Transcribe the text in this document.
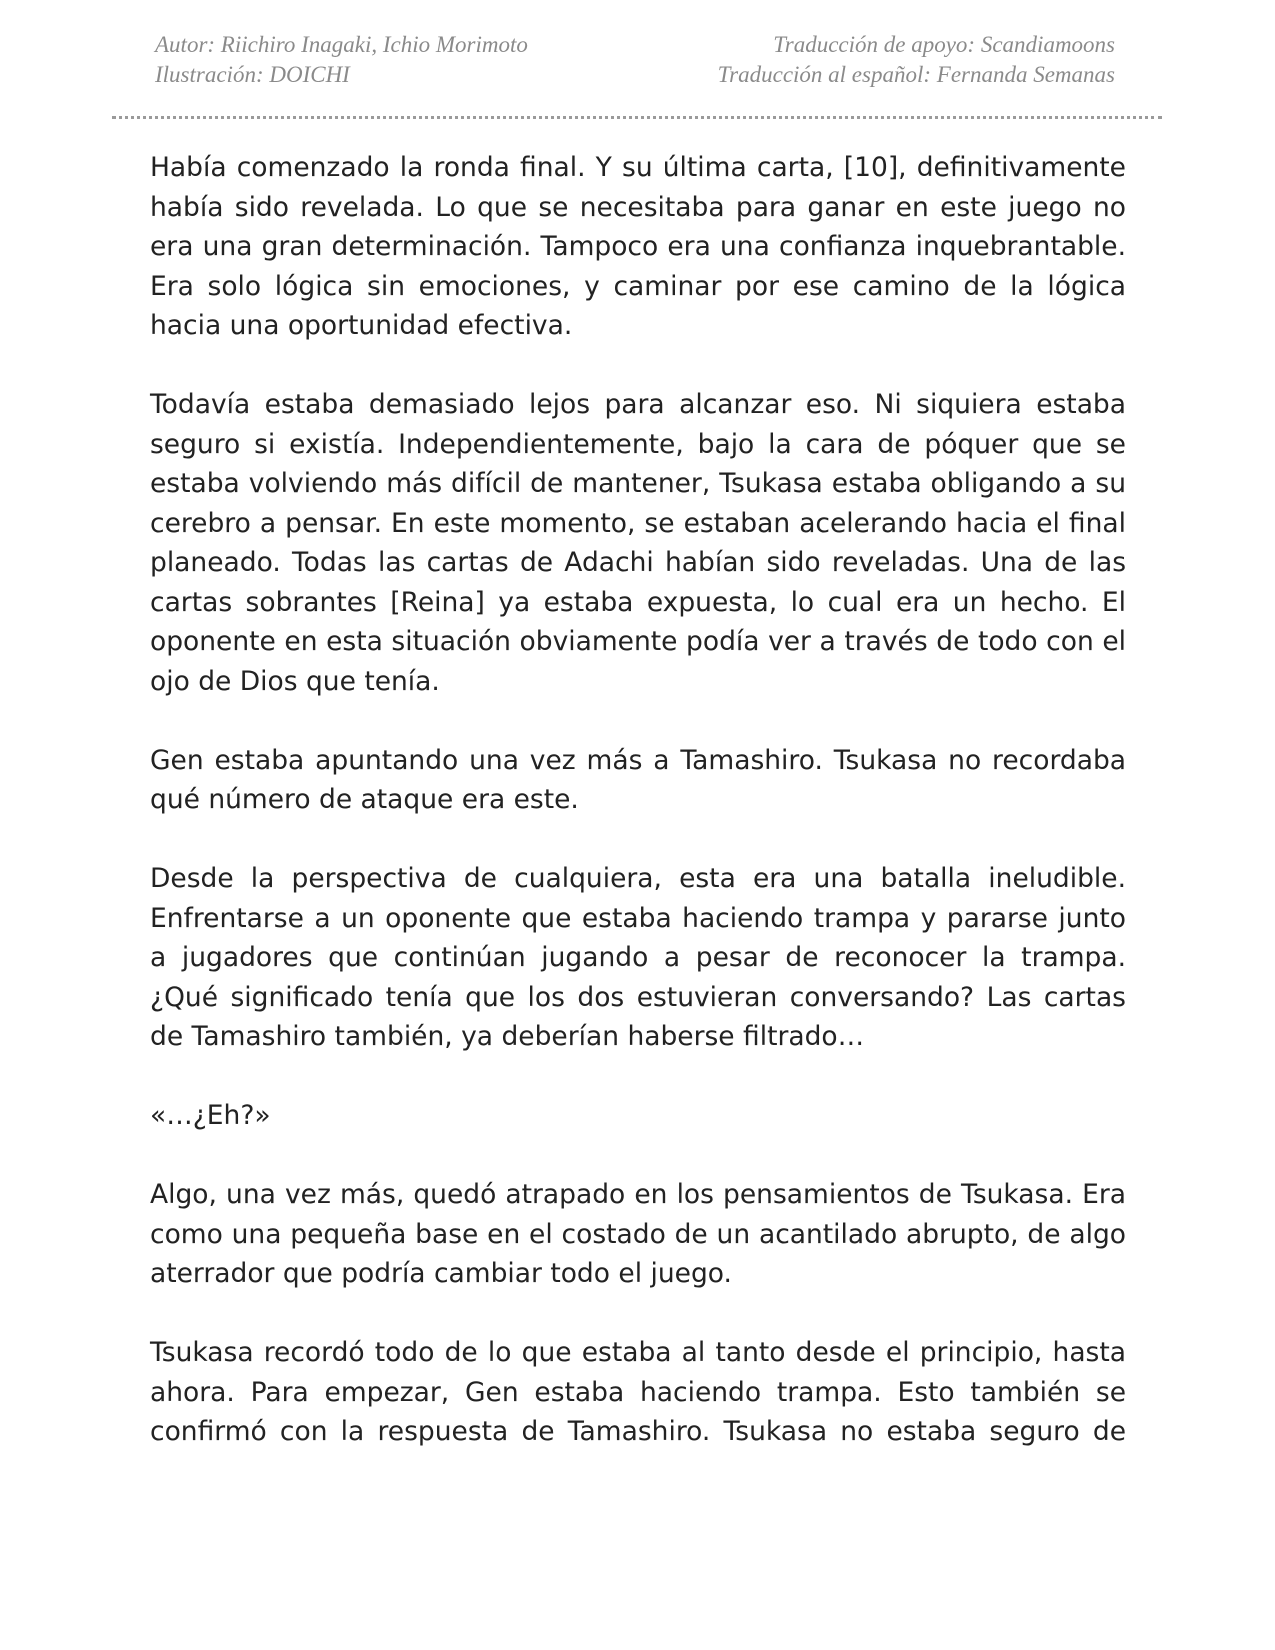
Autor: Riichiro Inagaki, Ichio Morimoto
Ilustración: DOICHI
Traducción de apoyo: Scandiamoons
Traducción al español: Fernanda Semanas

Había comenzado la ronda final. Y su última carta, [10], definitivamente había sido revelada. Lo que se necesitaba para ganar en este juego no era una gran determinación. Tampoco era una confianza inquebrantable. Era solo lógica sin emociones, y caminar por ese camino de la lógica hacia una oportunidad efectiva.

Todavía estaba demasiado lejos para alcanzar eso. Ni siquiera estaba seguro si existía. Independientemente, bajo la cara de póquer que se estaba volviendo más difícil de mantener, Tsukasa estaba obligando a su cerebro a pensar. En este momento, se estaban acelerando hacia el final planeado. Todas las cartas de Adachi habían sido reveladas. Una de las cartas sobrantes [Reina] ya estaba expuesta, lo cual era un hecho. El oponente en esta situación obviamente podía ver a través de todo con el ojo de Dios que tenía.

Gen estaba apuntando una vez más a Tamashiro. Tsukasa no recordaba qué número de ataque era este.

Desde la perspectiva de cualquiera, esta era una batalla ineludible. Enfrentarse a un oponente que estaba haciendo trampa y pararse junto a jugadores que continúan jugando a pesar de reconocer la trampa. ¿Qué significado tenía que los dos estuvieran conversando? Las cartas de Tamashiro también, ya deberían haberse filtrado…

«…¿Eh?»

Algo, una vez más, quedó atrapado en los pensamientos de Tsukasa. Era como una pequeña base en el costado de un acantilado abrupto, de algo aterrador que podría cambiar todo el juego.

Tsukasa recordó todo de lo que estaba al tanto desde el principio, hasta ahora. Para empezar, Gen estaba haciendo trampa. Esto también se confirmó con la respuesta de Tamashiro. Tsukasa no estaba seguro de
